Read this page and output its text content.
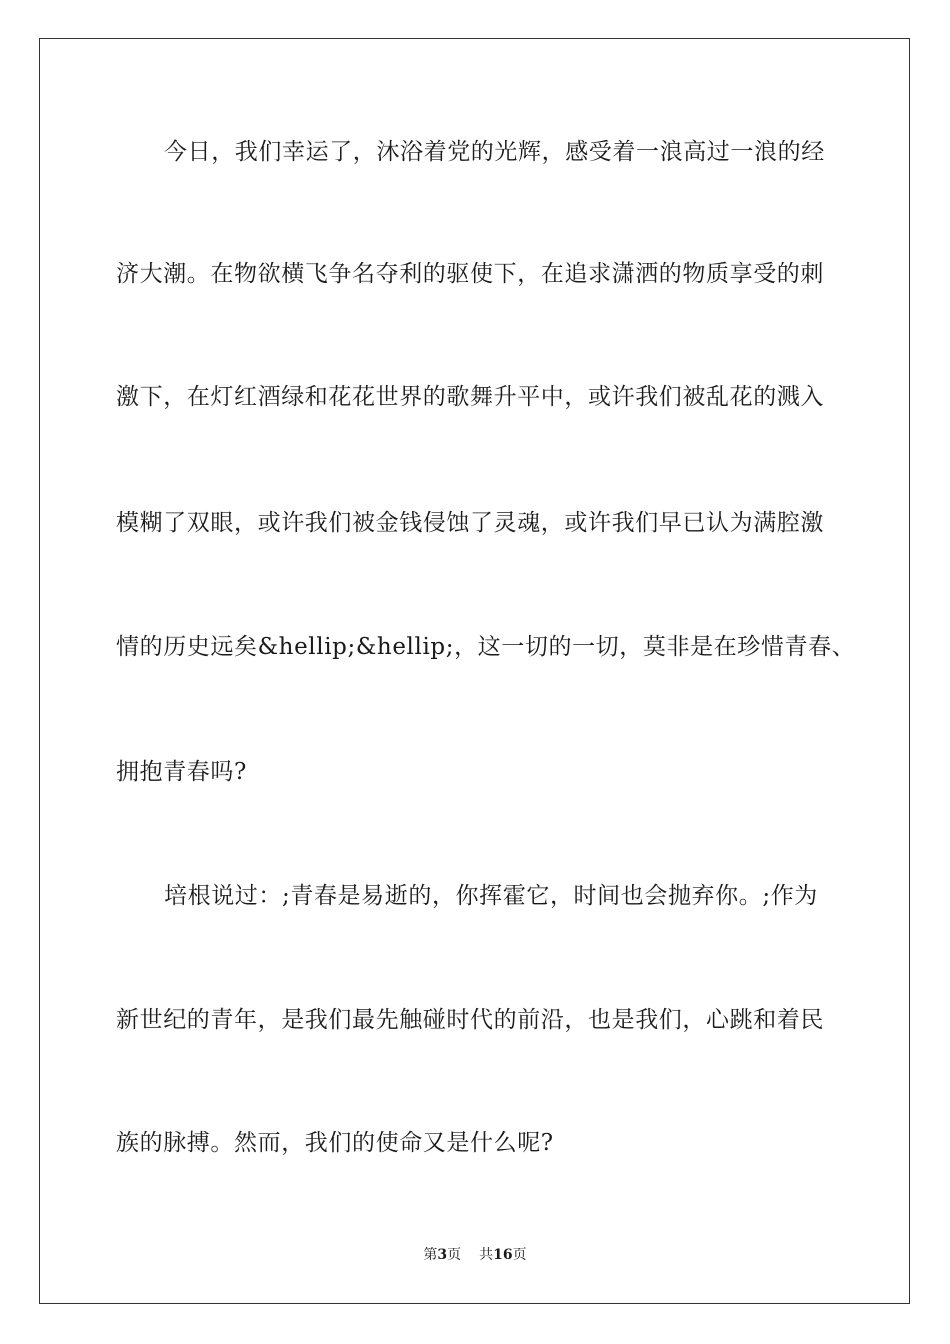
今日，我们幸运了，沐浴着党的光辉，感受着一浪高过一浪的经
济大潮。在物欲横飞争名夺利的驱使下，在追求潇洒的物质享受的刺
激下，在灯红酒绿和花花世界的歌舞升平中，或许我们被乱花的溅入
模糊了双眼，或许我们被金钱侵蚀了灵魂，或许我们早已认为满腔激
情的历史远矣&hellip;&hellip;，这一切的一切，莫非是在珍惜青春、
拥抱青春吗?
培根说过：;青春是易逝的，你挥霍它，时间也会抛弃你。;作为
新世纪的青年，是我们最先触碰时代的前沿，也是我们，心跳和着民
族的脉搏。然而，我们的使命又是什么呢?
第3页 共16页
